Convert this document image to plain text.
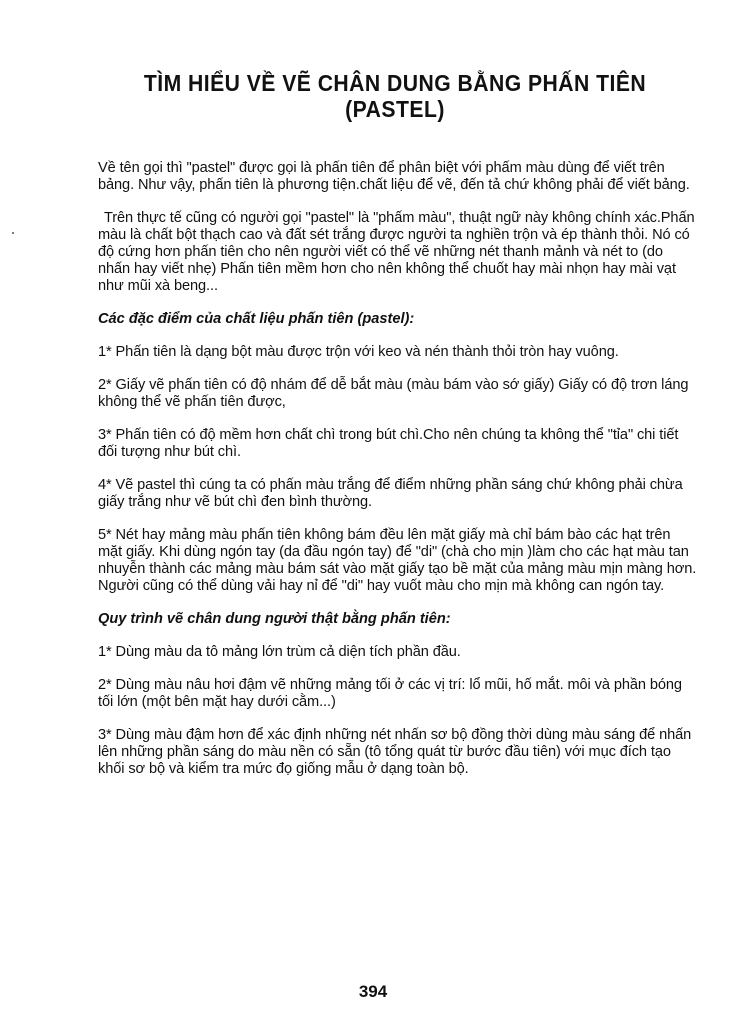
TÌM HIỂU VỀ VẼ CHÂN DUNG BẰNG PHẤN TIÊN
(PASTEL)

Về tên gọi thì "pastel" được gọi là phấn tiên để phân biệt với phấm màu dùng để viết trên bảng. Như vậy, phấn tiên là phương tiện.chất liệu để vẽ, đến tả chứ không phải để viết bảng.

Trên thực tế cũng có người gọi "pastel" là "phấm màu", thuật ngữ này không chính xác.Phấn màu là chất bột thạch cao và đất sét trắng được người ta nghiền trộn và ép thành thỏi. Nó có độ cứng hơn phấn tiên cho nên người viết có thể vẽ những nét thanh mảnh và nét to (do nhấn hay viết nhẹ) Phấn tiên mềm hơn cho nên không thể chuốt hay mài nhọn hay mài vạt như mũi xà beng...

Các đặc điểm của chất liệu phấn tiên (pastel):

1* Phấn tiên là dạng bột màu được trộn với keo và nén thành thỏi tròn hay vuông.

2* Giấy vẽ phấn tiên có độ nhám để dễ bắt màu (màu bám vào sớ giấy) Giấy có độ trơn láng không thể vẽ phấn tiên được,

3* Phấn tiên có độ mềm hơn chất chì trong bút chì.Cho nên chúng ta không thể "tỉa" chi tiết đối tượng như bút chì.

4* Vẽ pastel thì cúng ta có phấn màu trắng để điểm những phần sáng chứ không phải chừa giấy trắng như vẽ bút chì đen bình thường.

5* Nét hay mảng màu phấn tiên không bám đều lên mặt giấy mà chỉ bám bào các hạt trên mặt giấy. Khi dùng ngón tay (da đầu ngón tay) để "di" (chà cho mịn )làm cho các hạt màu tan nhuyễn thành các mảng màu bám sát vào mặt giấy tạo bề mặt của mảng màu mịn màng hơn. Người cũng có thể dùng vải hay nỉ để "di" hay vuốt màu cho mịn mà không can ngón tay.

Quy trình vẽ chân dung người thật bằng phấn tiên:

1* Dùng màu da tô mảng lớn trùm cả diện tích phần đầu.

2* Dùng màu nâu hơi đậm vẽ những mảng tối ở các vị trí: lổ mũi, hố mắt. môi và phần bóng tối lớn (một bên mặt hay dưới cằm...)

3* Dùng màu đậm hơn để xác định những nét nhấn sơ bộ đồng thời dùng màu sáng để nhấn lên những phần sáng do màu nền có sẵn (tô tổng quát từ bước đầu tiên) với mục đích tạo khối sơ bộ và kiểm tra mức đọ giống mẫu ở dạng toàn bộ.

394
